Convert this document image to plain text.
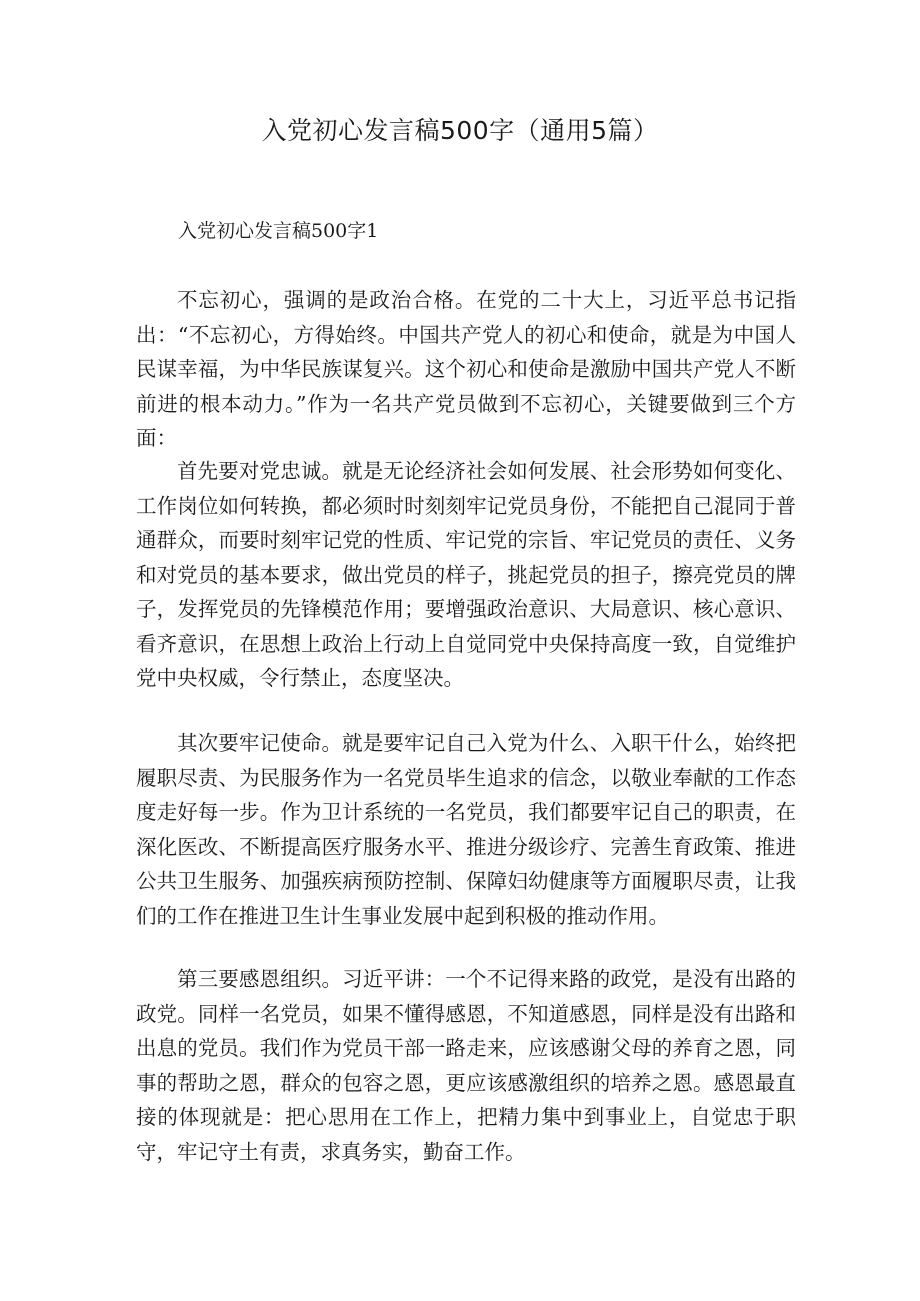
入党初心发言稿500字（通用5篇）

入党初心发言稿500字1

不忘初心，强调的是政治合格。在党的二十大上，习近平总书记指出：“不忘初心，方得始终。中国共产党人的初心和使命，就是为中国人民谋幸福，为中华民族谋复兴。这个初心和使命是激励中国共产党人不断前进的根本动力。”作为一名共产党员做到不忘初心，关键要做到三个方面：

首先要对党忠诚。就是无论经济社会如何发展、社会形势如何变化、工作岗位如何转换，都必须时时刻刻牢记党员身份，不能把自己混同于普通群众，而要时刻牢记党的性质、牢记党的宗旨、牢记党员的责任、义务和对党员的基本要求，做出党员的样子，挑起党员的担子，擦亮党员的牌子，发挥党员的先锋模范作用；要增强政治意识、大局意识、核心意识、看齐意识，在思想上政治上行动上自觉同党中央保持高度一致，自觉维护党中央权威，令行禁止，态度坚决。

其次要牢记使命。就是要牢记自己入党为什么、入职干什么，始终把履职尽责、为民服务作为一名党员毕生追求的信念，以敬业奉献的工作态度走好每一步。作为卫计系统的一名党员，我们都要牢记自己的职责，在深化医改、不断提高医疗服务水平、推进分级诊疗、完善生育政策、推进公共卫生服务、加强疾病预防控制、保障妇幼健康等方面履职尽责，让我们的工作在推进卫生计生事业发展中起到积极的推动作用。

第三要感恩组织。习近平讲：一个不记得来路的政党，是没有出路的政党。同样一名党员，如果不懂得感恩，不知道感恩，同样是没有出路和出息的党员。我们作为党员干部一路走来，应该感谢父母的养育之恩，同事的帮助之恩，群众的包容之恩，更应该感激组织的培养之恩。感恩最直接的体现就是：把心思用在工作上，把精力集中到事业上，自觉忠于职守，牢记守土有责，求真务实，勤奋工作。
